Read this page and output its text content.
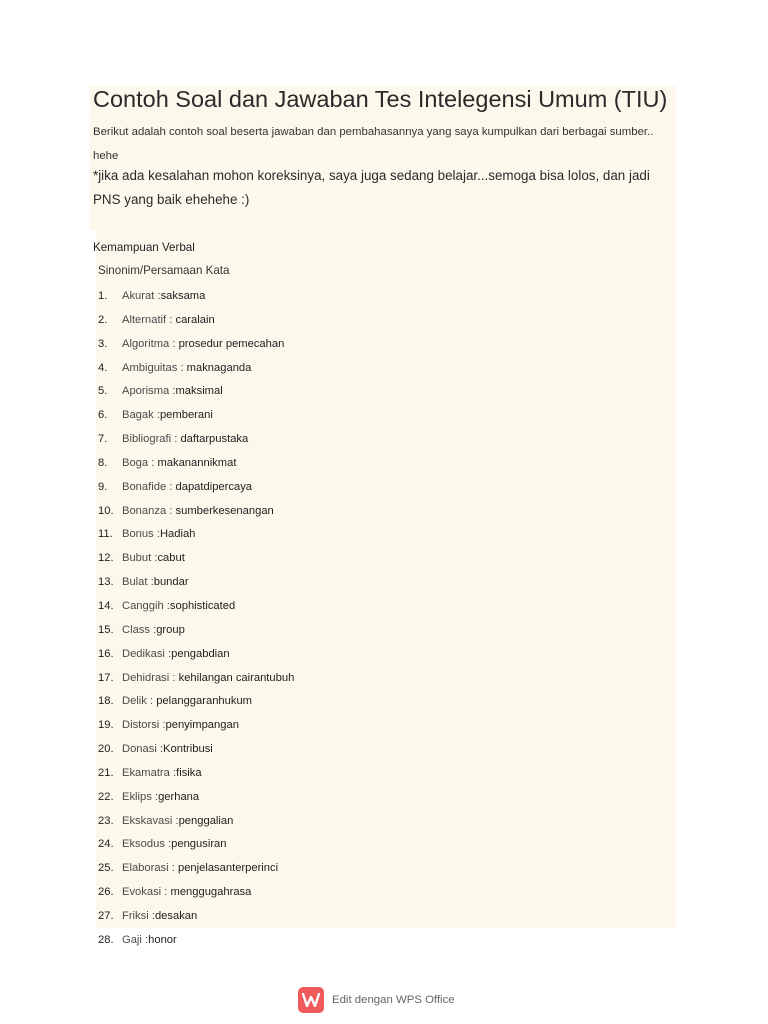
Contoh Soal dan Jawaban Tes Intelegensi Umum (TIU)

Berikut adalah contoh soal beserta jawaban dan pembahasannya yang saya kumpulkan dari berbagai sumber.. hehe

*jika ada kesalahan mohon koreksinya, saya juga sedang belajar...semoga bisa lolos, dan jadi PNS yang baik ehehehe :)

Kemampuan Verbal

Sinonim/Persamaan Kata

1. Akurat :saksama
2. Alternatif : caralain
3. Algoritma : prosedur pemecahan
4. Ambiguitas : maknaganda
5. Aporisma :maksimal
6. Bagak :pemberani
7. Bibliografi : daftarpustaka
8. Boga : makanannikmat
9. Bonafide : dapatdipercaya
10. Bonanza : sumberkesenangan
11. Bonus :Hadiah
12. Bubut :cabut
13. Bulat :bundar
14. Canggih :sophisticated
15. Class :group
16. Dedikasi :pengabdian
17. Dehidrasi : kehilangan cairantubuh
18. Delik : pelanggaranhukum
19. Distorsi :penyimpangan
20. Donasi :Kontribusi
21. Ekamatra :fisika
22. Eklips :gerhana
23. Ekskavasi :penggalian
24. Eksodus :pengusiran
25. Elaborasi : penjelasanterperinci
26. Evokasi : menggugahrasa
27. Friksi :desakan
28. Gaji :honor
Edit dengan WPS Office
